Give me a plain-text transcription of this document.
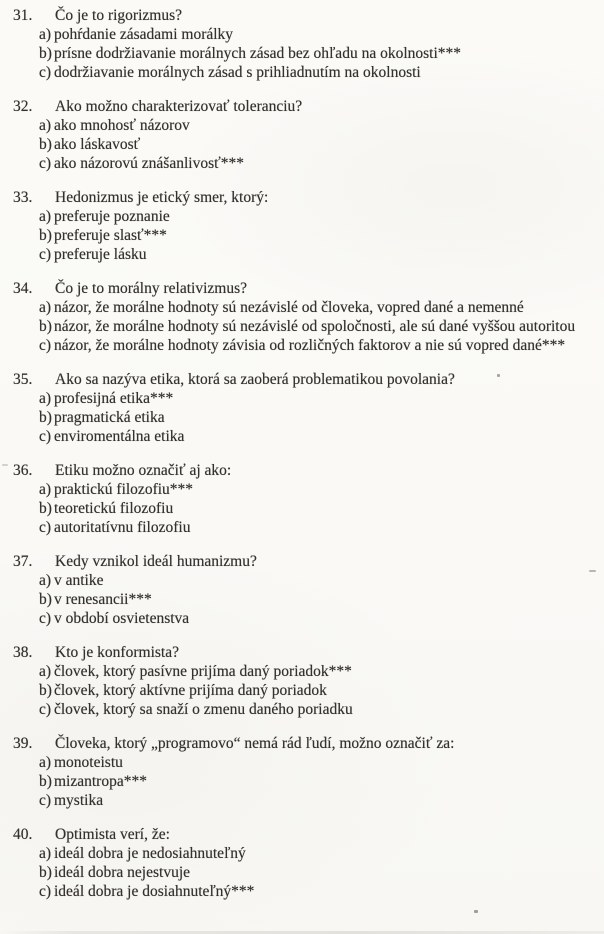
31.	Čo je to rigorizmus?
a) pohŕdanie zásadami morálky
b) prísne dodržiavanie morálnych zásad bez ohľadu na okolnosti***
c) dodržiavanie morálnych zásad s prihliadnutím na okolnosti
32.	Ako možno charakterizovať toleranciu?
a) ako mnohosť názorov
b) ako láskavosť
c) ako názorovú znášanlivosť***
33.	Hedonizmus je etický smer, ktorý:
a) preferuje poznanie
b) preferuje slasť***
c) preferuje lásku
34.	Čo je to morálny relativizmus?
a) názor, že morálne hodnoty sú nezávislé od človeka, vopred dané a nemenné
b) názor, že morálne hodnoty sú nezávislé od spoločnosti, ale sú dané vyššou autoritou
c) názor, že morálne hodnoty závisia od rozličných faktorov a nie sú vopred dané***
35.	Ako sa nazýva etika, ktorá sa zaoberá problematikou povolania?
a) profesijná etika***
b) pragmatická etika
c) enviromentálna etika
36.	Etiku možno označiť aj ako:
a) praktickú filozofiu***
b) teoretickú filozofiu
c) autoritatívnu filozofiu
37.	Kedy vznikol ideál humanizmu?
a) v antike
b) v renesancii***
c) v období osvietenstva
38.	Kto je konformista?
a) človek, ktorý pasívne prijíma daný poriadok***
b) človek, ktorý aktívne prijíma daný poriadok
c) človek, ktorý sa snaží o zmenu daného poriadku
39.	Človeka, ktorý „programovo“ nemá rád ľudí, možno označiť za:
a) monoteistu
b) mizantropa***
c) mystika
40.	Optimista verí, že:
a) ideál dobra je nedosiahnuteľný
b) ideál dobra nejestvuje
c) ideál dobra je dosiahnuteľný***
